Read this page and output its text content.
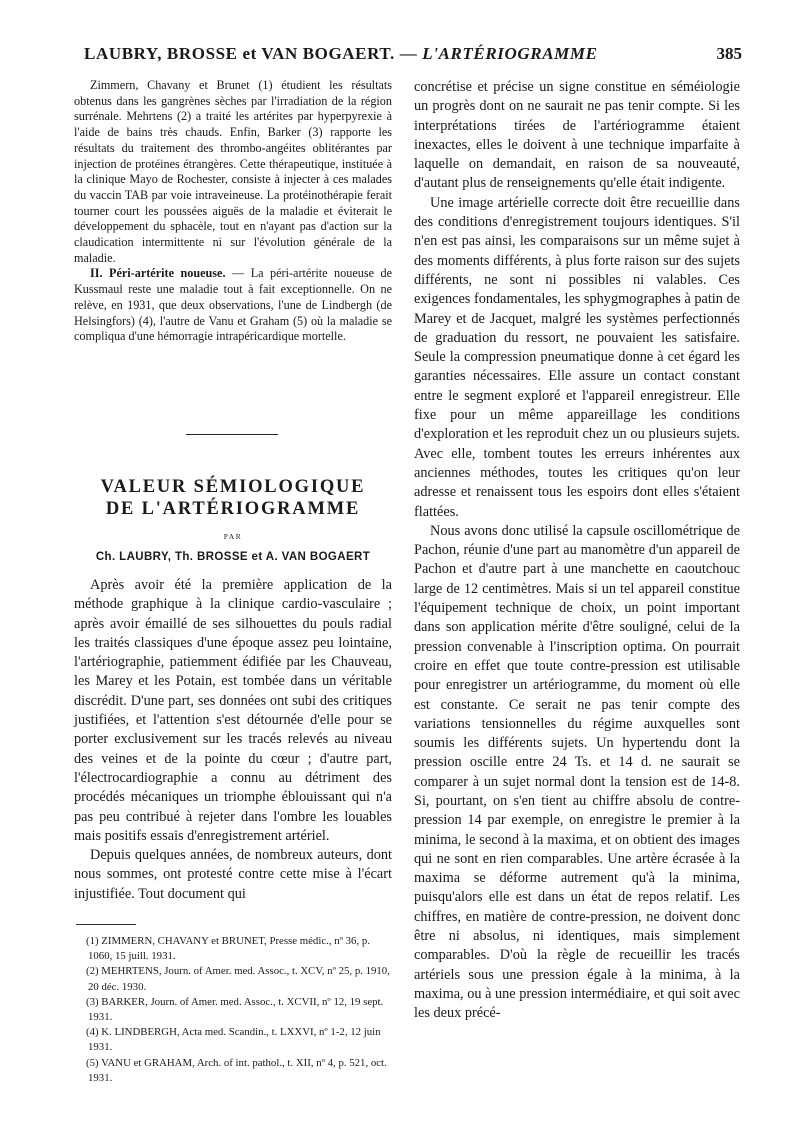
LAUBRY, BROSSE et VAN BOGAERT. — L'ARTÉRIOGRAMME	385

Zimmern, Chavany et Brunet (1) étudient les résultats obtenus dans les gangrènes sèches par l'irradiation de la région surrénale. Mehrtens (2) a traité les artérites par hyperpyrexie à l'aide de bains très chauds. Enfin, Barker (3) rapporte les résultats du traitement des thrombo-angéites oblitérantes par injection de protéines étrangères. Cette thérapeutique, instituée à la clinique Mayo de Rochester, consiste à injecter à ces malades du vaccin TAB par voie intraveineuse. La protéinothérapie ferait tourner court les poussées aiguës de la maladie et éviterait le développement du sphacèle, tout en n'ayant pas d'action sur la claudication intermittente ni sur l'évolution générale de la maladie.

II. Péri-artérite noueuse. — La péri-artérite noueuse de Kussmaul reste une maladie tout à fait exceptionnelle. On ne relève, en 1931, que deux observations, l'une de Lindbergh (de Helsingfors) (4), l'autre de Vanu et Graham (5) où la maladie se compliqua d'une hémorragie intrapéricardique mortelle.

VALEUR SÉMIOLOGIQUE

DE L'ARTÉRIOGRAMME

PAR

Ch. LAUBRY, Th. BROSSE et A. VAN BOGAERT

Après avoir été la première application de la méthode graphique à la clinique cardio-vasculaire ; après avoir émaillé de ses silhouettes du pouls radial les traités classiques d'une époque assez peu lointaine, l'artériographie, patiemment édifiée par les Chauveau, les Marey et les Potain, est tombée dans un véritable discrédit. D'une part, ses données ont subi des critiques justifiées, et l'attention s'est détournée d'elle pour se porter exclusivement sur les tracés relevés au niveau des veines et de la pointe du cœur ; d'autre part, l'électrocardiographie a connu au détriment des procédés mécaniques un triomphe éblouissant qui n'a pas peu contribué à rejeter dans l'ombre les louables mais positifs essais d'enregistrement artériel.

Depuis quelques années, de nombreux auteurs, dont nous sommes, ont protesté contre cette mise à l'écart injustifiée. Tout document qui

(1) ZIMMERN, CHAVANY et BRUNET, Presse médic., nº 36, p. 1060, 15 juill. 1931.

(2) MEHRTENS, Journ. of Amer. med. Assoc., t. XCV, nº 25, p. 1910, 20 déc. 1930.

(3) BARKER, Journ. of Amer. med. Assoc., t. XCVII, nº 12, 19 sept. 1931.

(4) K. LINDBERGH, Acta med. Scandin., t. LXXVI, nº 1-2, 12 juin 1931.

(5) VANU et GRAHAM, Arch. of int. pathol., t. XII, nº 4, p. 521, oct. 1931.

concrétise et précise un signe constitue en séméiologie un progrès dont on ne saurait ne pas tenir compte. Si les interprétations tirées de l'artériogramme étaient inexactes, elles le doivent à une technique imparfaite à laquelle on demandait, en raison de sa nouveauté, d'autant plus de renseignements qu'elle était indigente.

Une image artérielle correcte doit être recueillie dans des conditions d'enregistrement toujours identiques. S'il n'en est pas ainsi, les comparaisons sur un même sujet à des moments différents, à plus forte raison sur des sujets différents, ne sont ni possibles ni valables. Ces exigences fondamentales, les sphygmographes à patin de Marey et de Jacquet, malgré les systèmes perfectionnés de graduation du ressort, ne pouvaient les satisfaire. Seule la compression pneumatique donne à cet égard les garanties nécessaires. Elle assure un contact constant entre le segment exploré et l'appareil enregistreur. Elle fixe pour un même appareillage les conditions d'exploration et les reproduit chez un ou plusieurs sujets. Avec elle, tombent toutes les erreurs inhérentes aux anciennes méthodes, toutes les critiques qu'on leur adresse et renaissent tous les espoirs dont elles s'étaient flattées.

Nous avons donc utilisé la capsule oscillométrique de Pachon, réunie d'une part au manomètre d'un appareil de Pachon et d'autre part à une manchette en caoutchouc large de 12 centimètres. Mais si un tel appareil constitue l'équipement technique de choix, un point important dans son application mérite d'être souligné, celui de la pression convenable à l'inscription optima. On pourrait croire en effet que toute contre-pression est utilisable pour enregistrer un artériogramme, du moment où elle est constante. Ce serait ne pas tenir compte des variations tensionnelles du régime auxquelles sont soumis les différents sujets. Un hypertendu dont la pression oscille entre 24 Ts. et 14 d. ne saurait se comparer à un sujet normal dont la tension est de 14-8. Si, pourtant, on s'en tient au chiffre absolu de contre-pression 14 par exemple, on enregistre le premier à la minima, le second à la maxima, et on obtient des images qui ne sont en rien comparables. Une artère écrasée à la maxima se déforme autrement qu'à la minima, puisqu'alors elle est dans un état de repos relatif. Les chiffres, en matière de contre-pression, ne doivent donc être ni absolus, ni identiques, mais simplement comparables. D'où la règle de recueillir les tracés artériels sous une pression égale à la minima, à la maxima, ou à une pression intermédiaire, et qui soit avec les deux précé-
